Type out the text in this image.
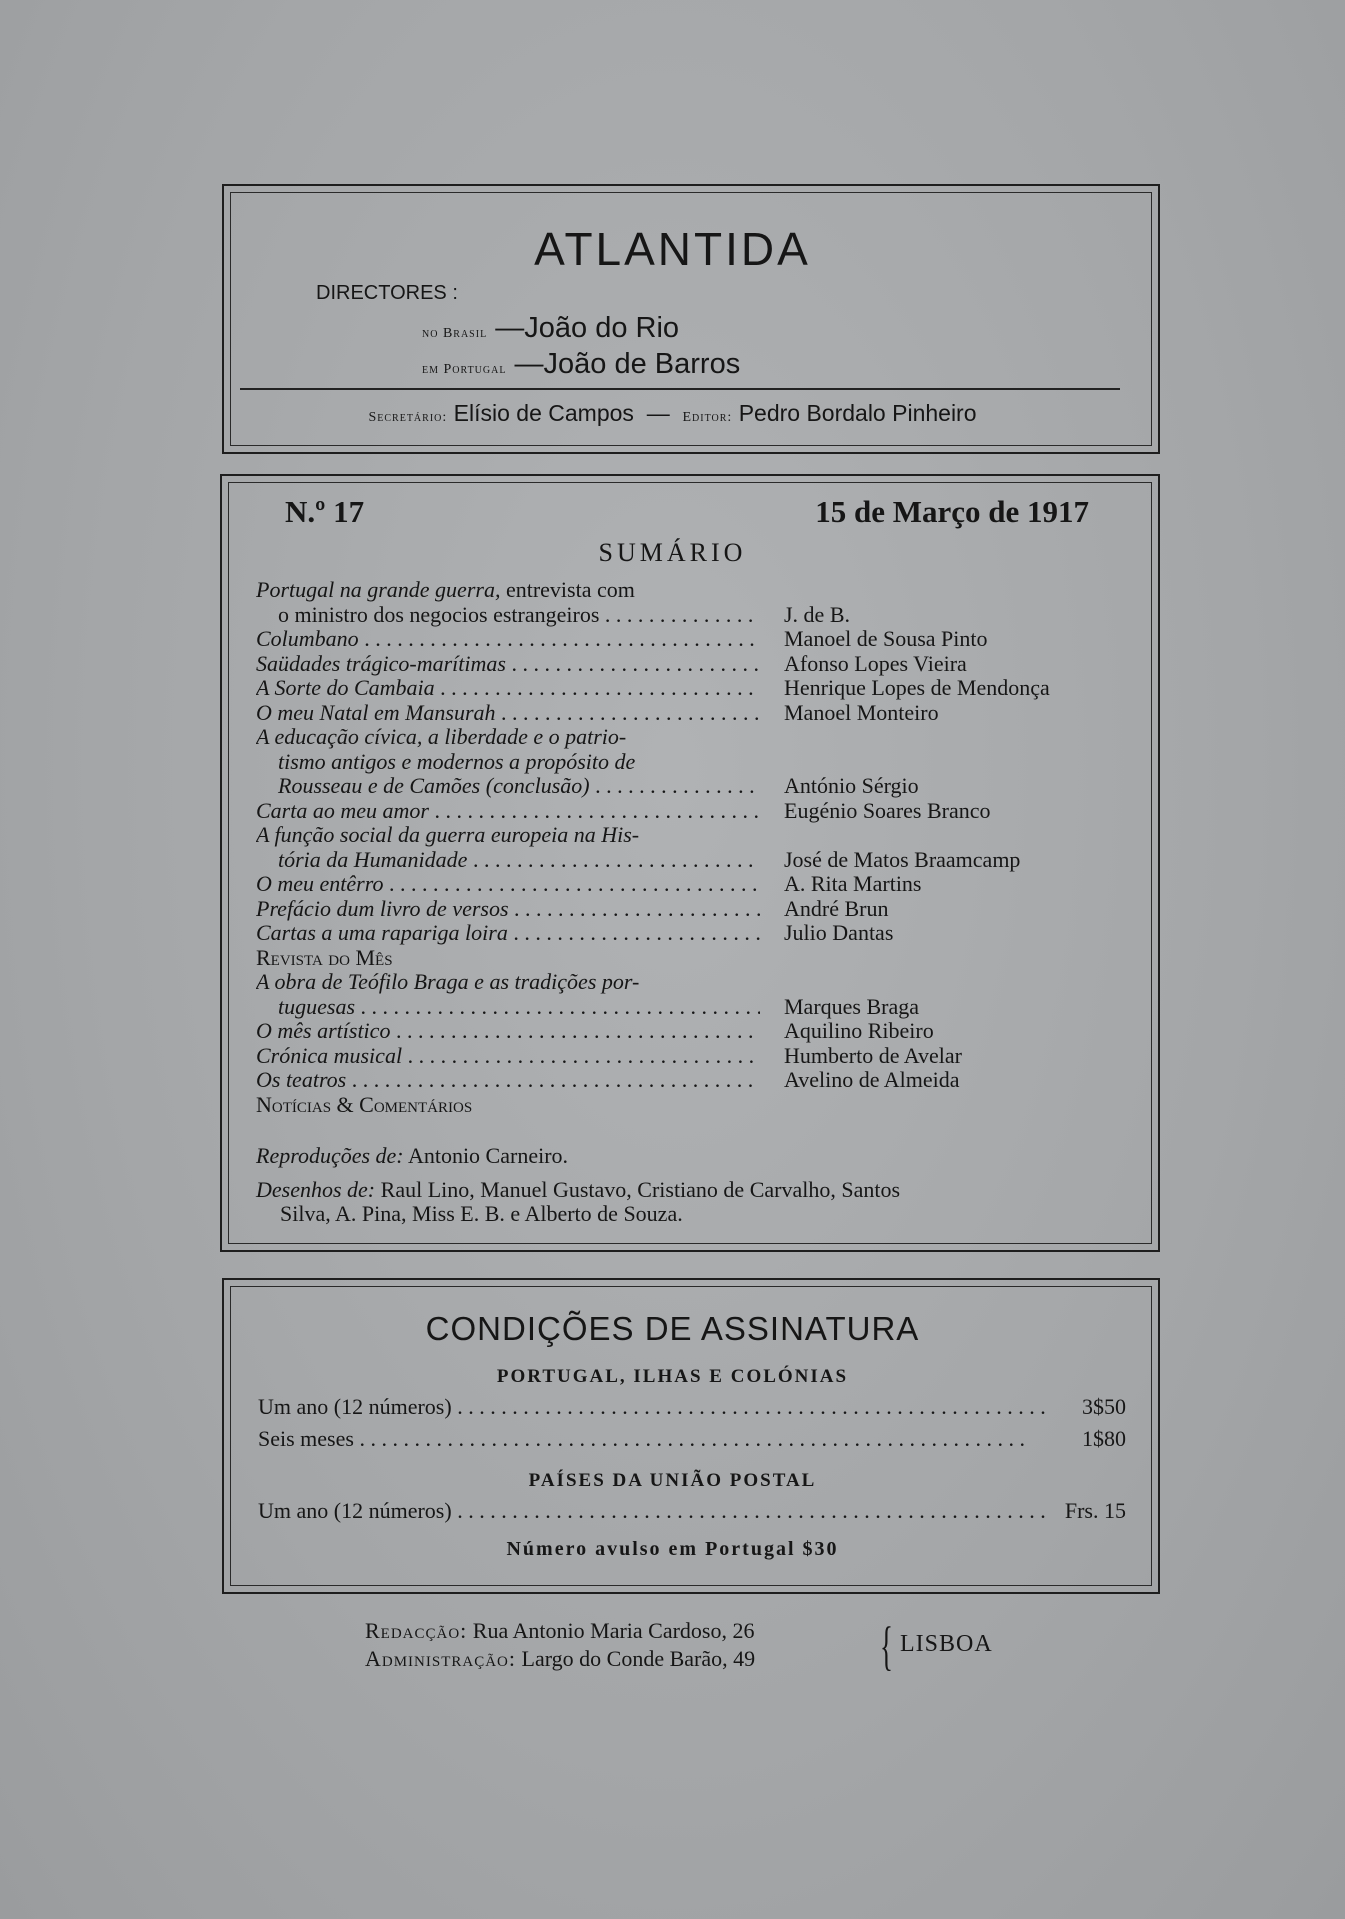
ATLANTIDA
DIRECTORES :
no Brasil —João do Rio
em Portugal —João de Barros
Secretário: Elísio de Campos  —  Editor: Pedro Bordalo Pinheiro
N.º 17	15 de Março de 1917
SUMÁRIO
Portugal na grande guerra, entrevista com
o ministro dos negocios estrangeiros . . .	J. de B.
Columbano . . .	Manoel de Sousa Pinto
Saüdades trágico-marítimas . . .	Afonso Lopes Vieira
A Sorte do Cambaia . . .	Henrique Lopes de Mendonça
O meu Natal em Mansurah . . .	Manoel Monteiro
A educação cívica, a liberdade e o patrio-
tismo antigos e modernos a propósito de
Rousseau e de Camões (conclusão) . . .	António Sérgio
Carta ao meu amor . . .	Eugénio Soares Branco
A função social da guerra europeia na His-
tória da Humanidade . . .	José de Matos Braamcamp
O meu entêrro . . .	A. Rita Martins
Prefácio dum livro de versos . . .	André Brun
Cartas a uma rapariga loira . . .	Julio Dantas
Revista do Mês
A obra de Teófilo Braga e as tradições por-
tuguesas . . .	Marques Braga
O mês artístico . . .	Aquilino Ribeiro
Crónica musical . . .	Humberto de Avelar
Os teatros . . .	Avelino de Almeida
Notícias & Comentários
Reproduções de: Antonio Carneiro.
Desenhos de: Raul Lino, Manuel Gustavo, Cristiano de Carvalho, Santos
Silva, A. Pina, Miss E. B. e Alberto de Souza.
CONDIÇÕES DE ASSINATURA
PORTUGAL, ILHAS E COLÓNIAS
Um ano (12 números) . . .	3$50
Seis meses . . .	1$80
PAÍSES DA UNIÃO POSTAL
Um ano (12 números) . . .	Frs. 15
Número avulso em Portugal $30
Redacção: Rua Antonio Maria Cardoso, 26
Administração: Largo do Conde Barão, 49 { LISBOA
